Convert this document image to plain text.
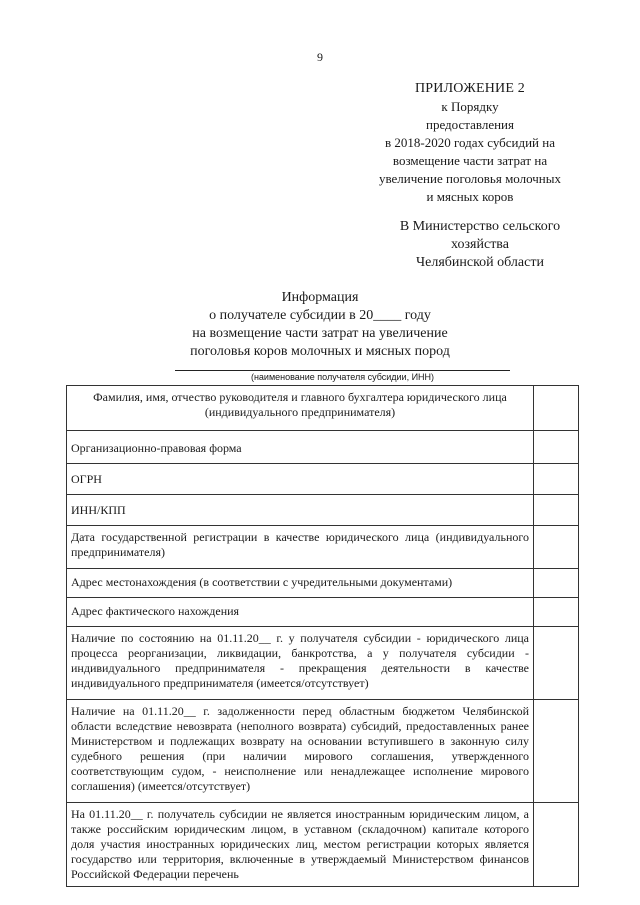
9
ПРИЛОЖЕНИЕ 2
к Порядку
предоставления
в 2018-2020 годах субсидий на
возмещение части затрат на
увеличение поголовья молочных
и мясных коров
В Министерство сельского
хозяйства
Челябинской области
Информация
о получателе субсидии в 20____ году
на возмещение части затрат на увеличение
поголовья коров молочных и мясных пород
(наименование получателя субсидии, ИНН)
Фамилия, имя, отчество руководителя и главного бухгалтера юридического лица (индивидуального предпринимателя)	
Организационно-правовая форма	
ОГРН	
ИНН/КПП	
Дата государственной регистрации в качестве юридического лица (индивидуального предпринимателя)	
Адрес местонахождения (в соответствии с учредительными документами)	
Адрес фактического нахождения	
Наличие по состоянию на 01.11.20__ г. у получателя субсидии - юридического лица процесса реорганизации, ликвидации, банкротства, а у получателя субсидии - индивидуального предпринимателя - прекращения деятельности в качестве индивидуального предпринимателя (имеется/отсутствует)	
Наличие на 01.11.20__ г. задолженности перед областным бюджетом Челябинской области вследствие невозврата (неполного возврата) субсидий, предоставленных ранее Министерством и подлежащих возврату на основании вступившего в законную силу судебного решения (при наличии мирового соглашения, утвержденного соответствующим судом, - неисполнение или ненадлежащее исполнение мирового соглашения) (имеется/отсутствует)	
На 01.11.20__ г. получатель субсидии не является иностранным юридическим лицом, а также российским юридическим лицом, в уставном (складочном) капитале которого доля участия иностранных юридических лиц, местом регистрации которых является государство или территория, включенные в утверждаемый Министерством финансов Российской Федерации перечень	
